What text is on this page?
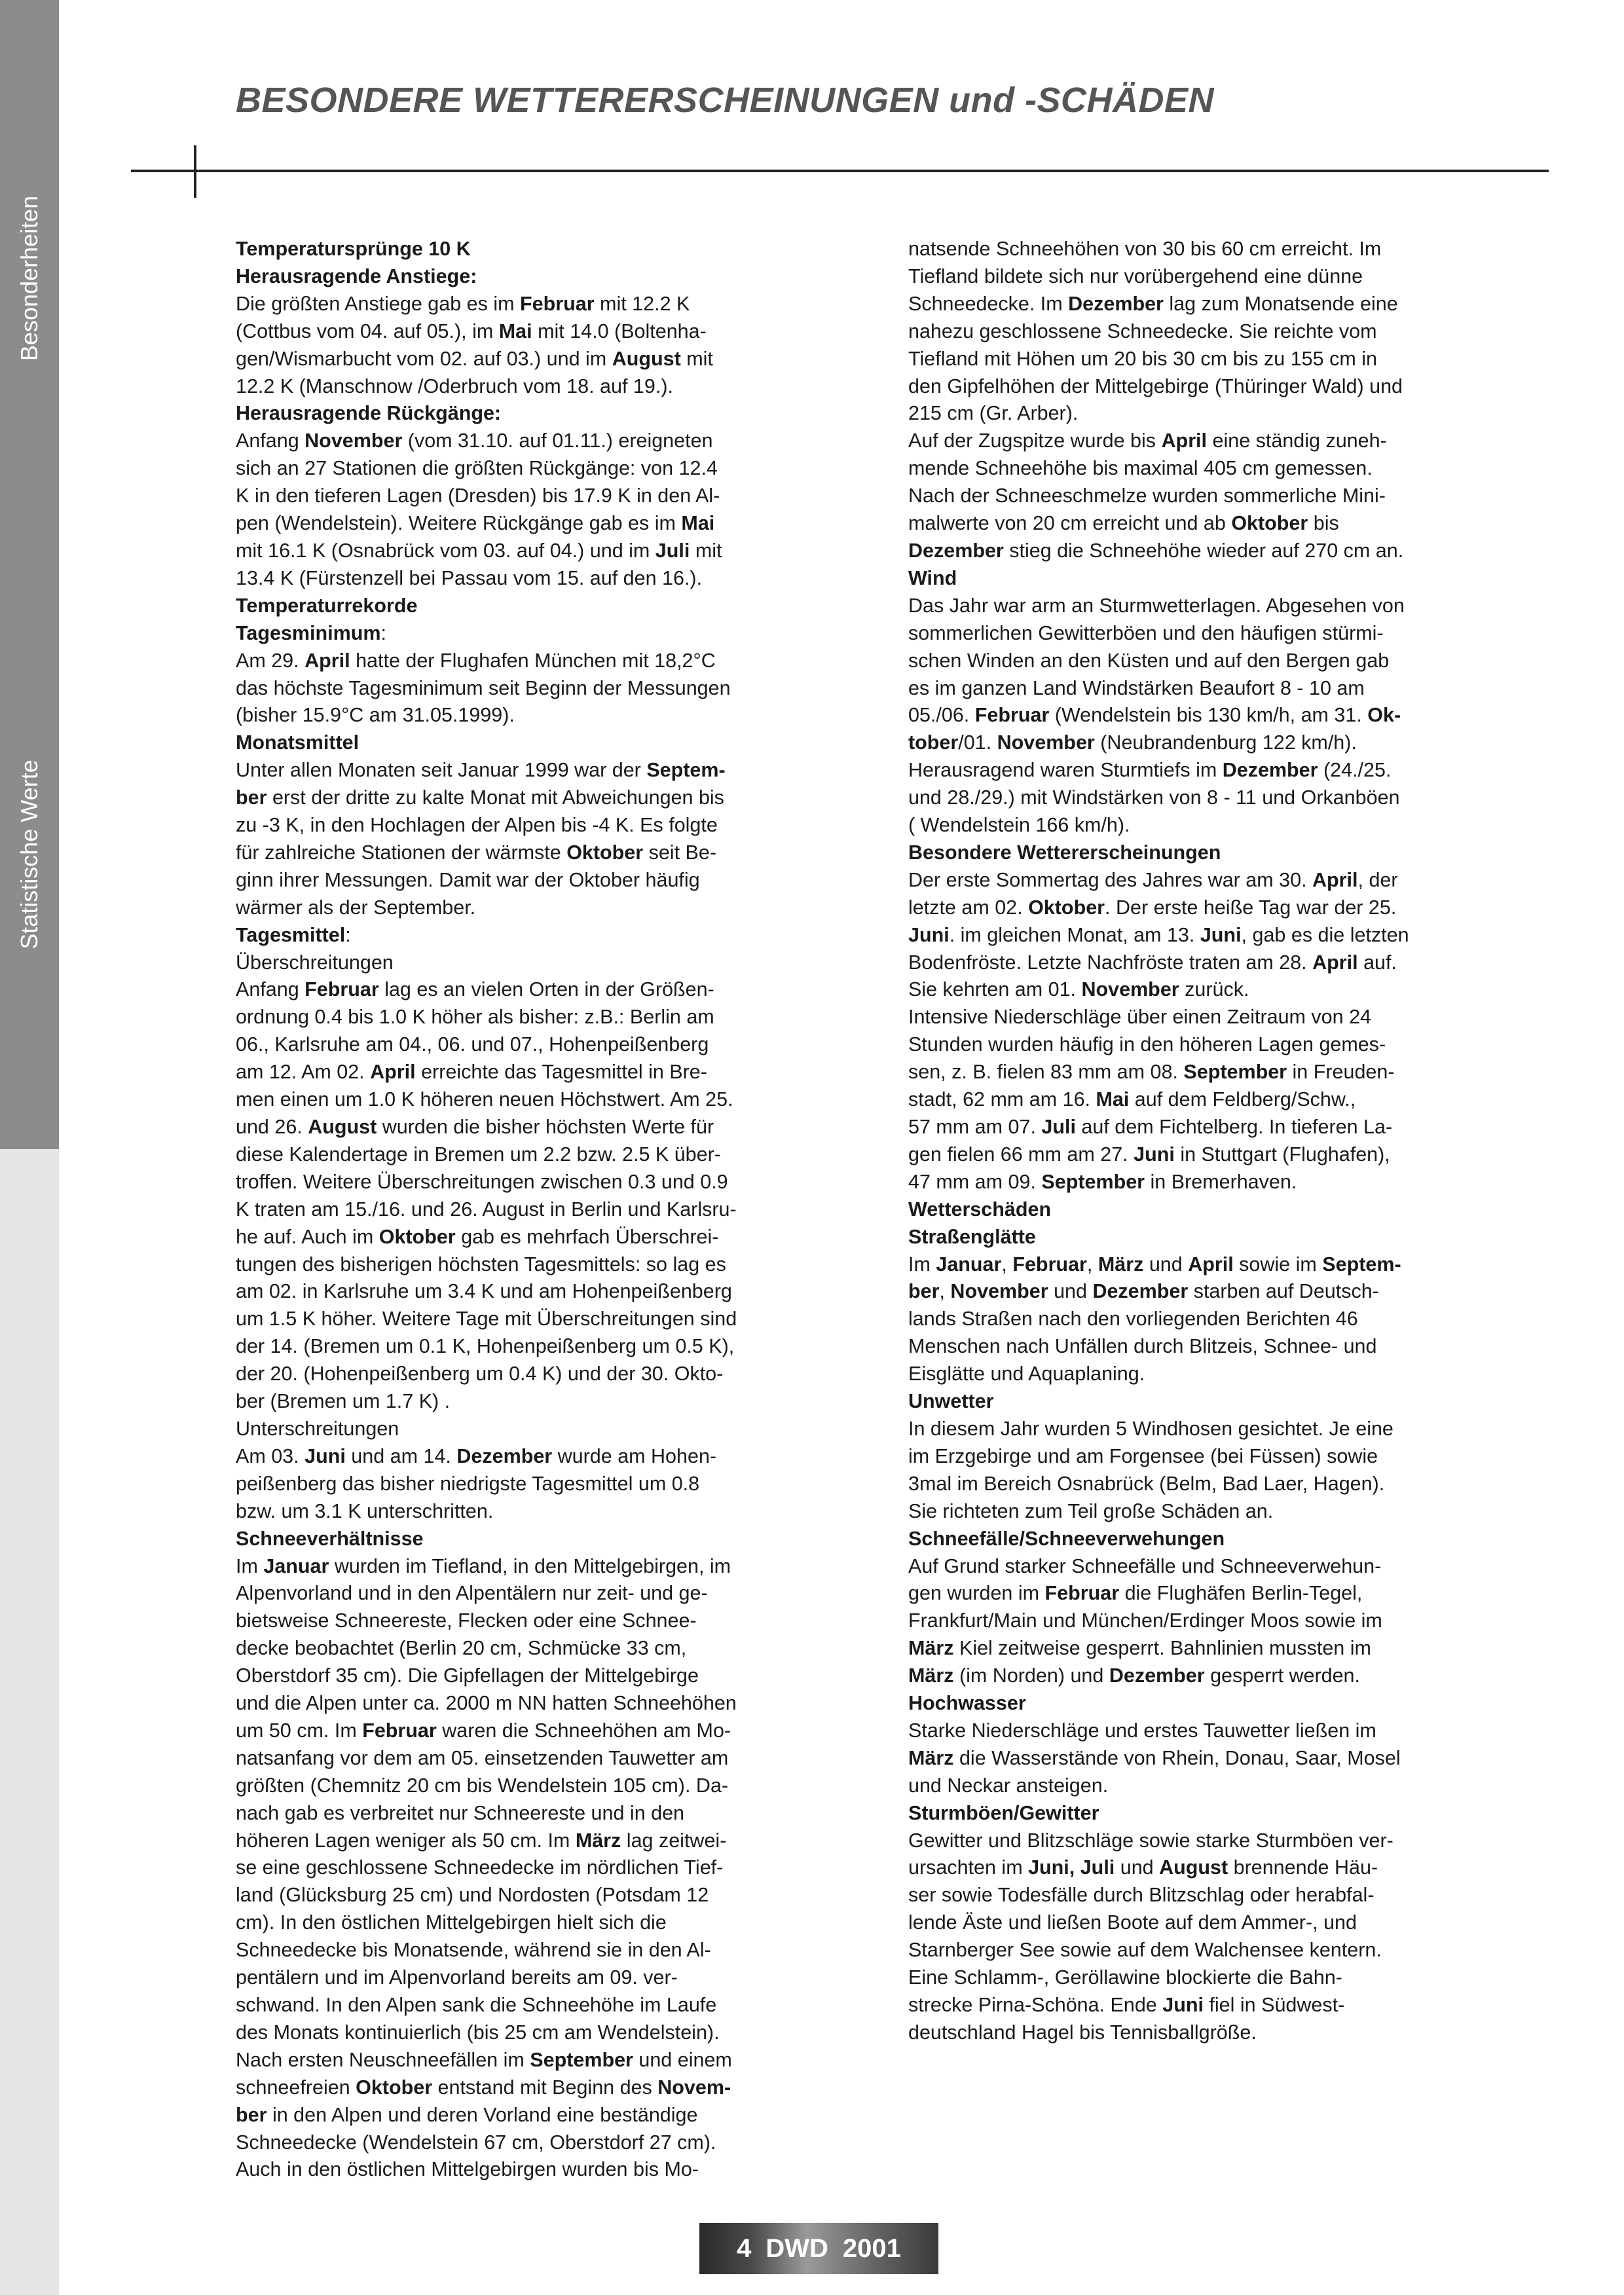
Besonderheiten
Statistische Werte
BESONDERE WETTERERSCHEINUNGEN und -SCHÄDEN
Temperatursprünge 10 K
Herausragende Anstiege:
Die größten Anstiege gab es im Februar mit 12.2 K
(Cottbus vom 04. auf 05.), im Mai mit 14.0 (Boltenha-
gen/Wismarbucht vom 02. auf 03.) und im August mit
12.2 K (Manschnow /Oderbruch vom 18. auf 19.).
Herausragende Rückgänge:
Anfang November (vom 31.10. auf 01.11.) ereigneten
sich an 27 Stationen die größten Rückgänge: von 12.4
K in den tieferen Lagen (Dresden) bis 17.9 K in den Al-
pen (Wendelstein). Weitere Rückgänge gab es im Mai
mit 16.1 K (Osnabrück vom 03. auf 04.) und im Juli mit
13.4 K (Fürstenzell bei Passau vom 15. auf den 16.).
Temperaturrekorde
Tagesminimum:
Am 29. April hatte der Flughafen München mit 18,2°C
das höchste Tagesminimum seit Beginn der Messungen
(bisher 15.9°C am 31.05.1999).
Monatsmittel
Unter allen Monaten seit Januar 1999 war der Septem-
ber erst der dritte zu kalte Monat mit Abweichungen bis
zu -3 K, in den Hochlagen der Alpen bis -4 K. Es folgte
für zahlreiche Stationen der wärmste Oktober seit Be-
ginn ihrer Messungen. Damit war der Oktober häufig
wärmer als der September.
Tagesmittel:
Überschreitungen
Anfang Februar lag es an vielen Orten in der Größen-
ordnung 0.4 bis 1.0 K höher als bisher: z.B.: Berlin am
06., Karlsruhe am 04., 06. und 07., Hohenpeißenberg
am 12. Am 02. April erreichte das Tagesmittel in Bre-
men einen um 1.0 K höheren neuen Höchstwert. Am 25.
und 26. August wurden die bisher höchsten Werte für
diese Kalendertage in Bremen um 2.2 bzw. 2.5 K über-
troffen. Weitere Überschreitungen zwischen 0.3 und 0.9
K traten am 15./16. und 26. August in Berlin und Karlsru-
he auf. Auch im Oktober gab es mehrfach Überschrei-
tungen des bisherigen höchsten Tagesmittels: so lag es
am 02. in Karlsruhe um 3.4 K und am Hohenpeißenberg
um 1.5 K höher. Weitere Tage mit Überschreitungen sind
der 14. (Bremen um 0.1 K, Hohenpeißenberg um 0.5 K),
der 20. (Hohenpeißenberg um 0.4 K) und der 30. Okto-
ber (Bremen um 1.7 K) .
Unterschreitungen
Am 03. Juni und am 14. Dezember wurde am Hohen-
peißenberg das bisher niedrigste Tagesmittel um 0.8
bzw. um 3.1 K unterschritten.
Schneeverhältnisse
Im Januar wurden im Tiefland, in den Mittelgebirgen, im
Alpenvorland und in den Alpentälern nur zeit- und ge-
bietsweise Schneereste, Flecken oder eine Schnee-
decke beobachtet (Berlin 20 cm, Schmücke 33 cm,
Oberstdorf 35 cm). Die Gipfellagen der Mittelgebirge
und die Alpen unter ca. 2000 m NN hatten Schneehöhen
um 50 cm. Im Februar waren die Schneehöhen am Mo-
natsanfang vor dem am 05. einsetzenden Tauwetter am
größten (Chemnitz 20 cm bis Wendelstein 105 cm). Da-
nach gab es verbreitet nur Schneereste und in den
höheren Lagen weniger als 50 cm. Im März lag zeitwei-
se eine geschlossene Schneedecke im nördlichen Tief-
land (Glücksburg 25 cm) und Nordosten (Potsdam 12
cm). In den östlichen Mittelgebirgen hielt sich die
Schneedecke bis Monatsende, während sie in den Al-
pentälern und im Alpenvorland bereits am 09. ver-
schwand. In den Alpen sank die Schneehöhe im Laufe
des Monats kontinuierlich (bis 25 cm am Wendelstein).
Nach ersten Neuschneefällen im September und einem
schneefreien Oktober entstand mit Beginn des Novem-
ber in den Alpen und deren Vorland eine beständige
Schneedecke (Wendelstein 67 cm, Oberstdorf 27 cm).
Auch in den östlichen Mittelgebirgen wurden bis Mo-
natsende Schneehöhen von 30 bis 60 cm erreicht. Im
Tiefland bildete sich nur vorübergehend eine dünne
Schneedecke. Im Dezember lag zum Monatsende eine
nahezu geschlossene Schneedecke. Sie reichte vom
Tiefland mit Höhen um 20 bis 30 cm bis zu 155 cm in
den Gipfelhöhen der Mittelgebirge (Thüringer Wald) und
215 cm (Gr. Arber).
Auf der Zugspitze wurde bis April eine ständig zuneh-
mende Schneehöhe bis maximal 405 cm gemessen.
Nach der Schneeschmelze wurden sommerliche Mini-
malwerte von 20 cm erreicht und ab Oktober bis
Dezember stieg die Schneehöhe wieder auf 270 cm an.
Wind
Das Jahr war arm an Sturmwetterlagen. Abgesehen von
sommerlichen Gewitterböen und den häufigen stürmi-
schen Winden an den Küsten und auf den Bergen gab
es im ganzen Land Windstärken Beaufort 8 - 10 am
05./06. Februar (Wendelstein bis 130 km/h, am 31. Ok-
tober/01. November (Neubrandenburg 122 km/h).
Herausragend waren Sturmtiefs im Dezember (24./25.
und 28./29.) mit Windstärken von 8 - 11 und Orkanböen
( Wendelstein 166 km/h).
Besondere Wettererscheinungen
Der erste Sommertag des Jahres war am 30. April, der
letzte am 02. Oktober. Der erste heiße Tag war der 25.
Juni. im gleichen Monat, am 13. Juni, gab es die letzten
Bodenfröste. Letzte Nachfröste traten am 28. April auf.
Sie kehrten am 01. November zurück.
Intensive Niederschläge über einen Zeitraum von 24
Stunden wurden häufig in den höheren Lagen gemes-
sen, z. B. fielen 83 mm am 08. September in Freuden-
stadt, 62 mm am 16. Mai auf dem Feldberg/Schw.,
57 mm am 07. Juli auf dem Fichtelberg. In tieferen La-
gen fielen 66 mm am 27. Juni in Stuttgart (Flughafen),
47 mm am 09. September in Bremerhaven.
Wetterschäden
Straßenglätte
Im Januar, Februar, März und April sowie im Septem-
ber, November und Dezember starben auf Deutsch-
lands Straßen nach den vorliegenden Berichten 46
Menschen nach Unfällen durch Blitzeis, Schnee- und
Eisglätte und Aquaplaning.
Unwetter
In diesem Jahr wurden 5 Windhosen gesichtet. Je eine
im Erzgebirge und am Forgensee (bei Füssen) sowie
3mal im Bereich Osnabrück (Belm, Bad Laer, Hagen).
Sie richteten zum Teil große Schäden an.
Schneefälle/Schneeverwehungen
Auf Grund starker Schneefälle und Schneeverwehun-
gen wurden im Februar die Flughäfen Berlin-Tegel,
Frankfurt/Main und München/Erdinger Moos sowie im
März Kiel zeitweise gesperrt. Bahnlinien mussten im
März (im Norden) und Dezember gesperrt werden.
Hochwasser
Starke Niederschläge und erstes Tauwetter ließen im
März die Wasserstände von Rhein, Donau, Saar, Mosel
und Neckar ansteigen.
Sturmböen/Gewitter
Gewitter und Blitzschläge sowie starke Sturmböen ver-
ursachten im Juni, Juli und August brennende Häu-
ser sowie Todesfälle durch Blitzschlag oder herabfal-
lende Äste und ließen Boote auf dem Ammer-, und
Starnberger See sowie auf dem Walchensee kentern.
Eine Schlamm-, Geröllawine blockierte die Bahn-
strecke Pirna-Schöna. Ende Juni fiel in Südwest-
deutschland Hagel bis Tennisballgröße.
4 DWD 2001
